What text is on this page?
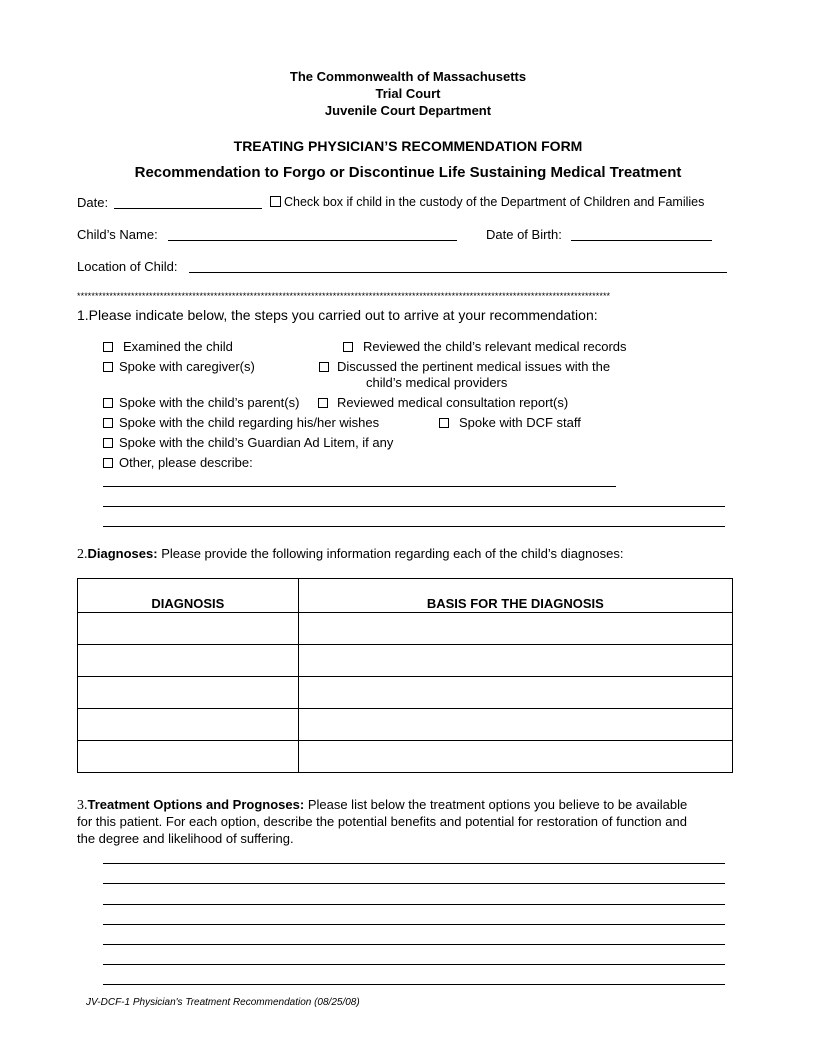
The Commonwealth of Massachusetts
Trial Court
Juvenile Court Department
TREATING PHYSICIAN’S RECOMMENDATION FORM
Recommendation to Forgo or Discontinue Life Sustaining Medical Treatment
Date:	Check box if child in the custody of the Department of Children and Families
Child’s Name:	Date of Birth:
Location of Child:
****************************************************************************************************************************************************
1.Please indicate below, the steps you carried out to arrive at your recommendation:
Examined the child	Reviewed the child’s relevant medical records
Spoke with caregiver(s)	Discussed the pertinent medical issues with the
child’s medical providers
Spoke with the child’s parent(s)	Reviewed medical consultation report(s)
Spoke with the child regarding his/her wishes	Spoke with DCF staff
Spoke with the child’s Guardian Ad Litem, if any
Other, please describe:
2.Diagnoses: Please provide the following information regarding each of the child’s diagnoses:
DIAGNOSIS	BASIS FOR THE DIAGNOSIS

3.Treatment Options and Prognoses: Please list below the treatment options you believe to be available
for this patient. For each option, describe the potential benefits and potential for restoration of function and
the degree and likelihood of suffering.
JV-DCF-1 Physician's Treatment Recommendation (08/25/08)
